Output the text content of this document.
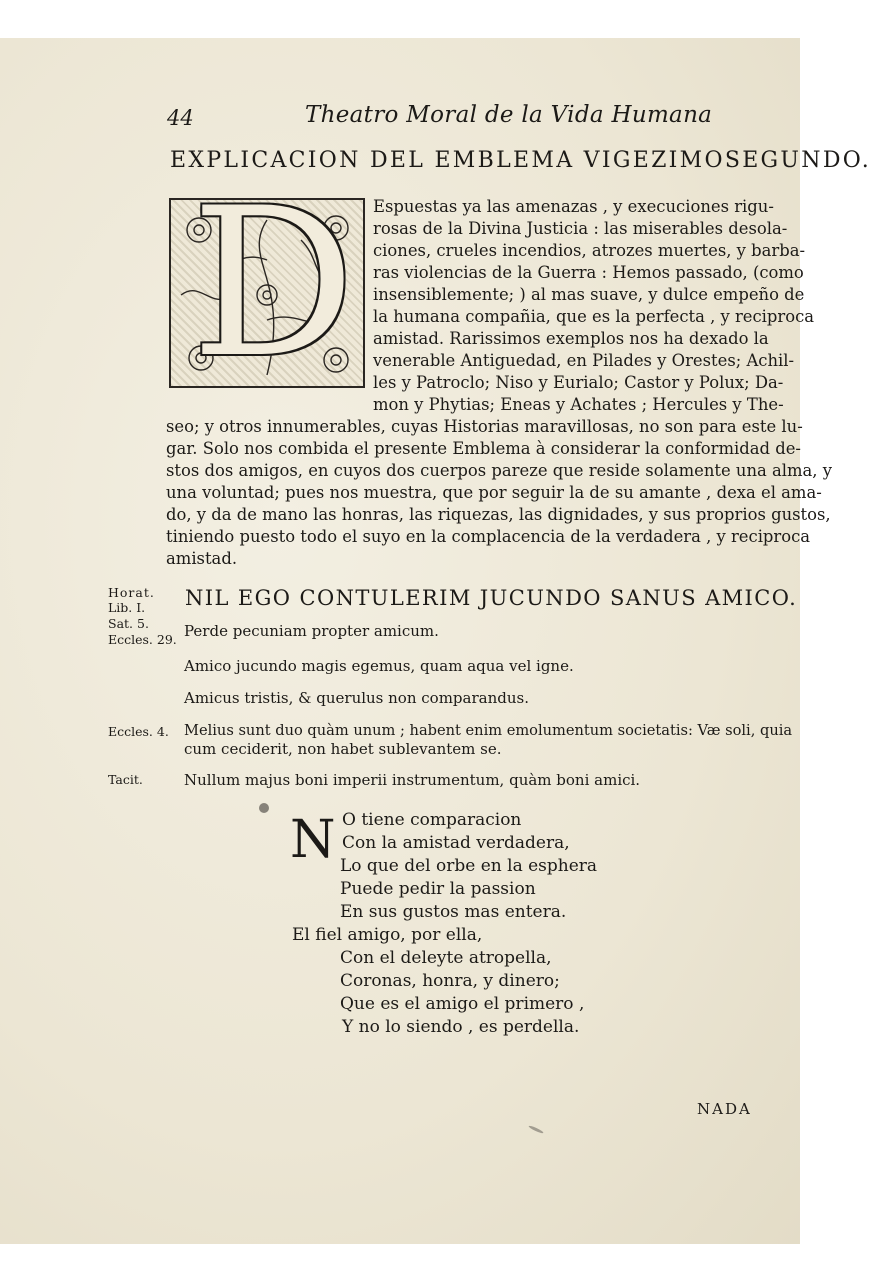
44	Theatro Moral de la Vida Humana
EXPLICACION DEL EMBLEMA VIGEZIMOSEGUNDO.
D Espuestas ya las amenazas , y execuciones rigu-
rosas de la Divina Justicia : las miserables desola-
ciones, crueles incendios, atrozes muertes, y barba-
ras violencias de la Guerra : Hemos passado, (como
insensiblemente; ) al mas suave, y dulce empeño de
la humana compañia, que es la perfecta , y reciproca
amistad. Rarissimos exemplos nos ha dexado la
venerable Antiguedad, en Pilades y Orestes; Achil-
les y Patroclo; Niso y Eurialo; Castor y Polux; Da-
mon y Phytias; Eneas y Achates ; Hercules y The-
seo; y otros innumerables, cuyas Historias maravillosas, no son para este lu-
gar. Solo nos combida el presente Emblema à considerar la conformidad de-
stos dos amigos, en cuyos dos cuerpos pareze que reside solamente una alma, y
una voluntad; pues nos muestra, que por seguir la de su amante , dexa el ama-
do, y da de mano las honras, las riquezas, las dignidades, y sus proprios gustos,
tiniendo puesto todo el suyo en la complacencia de la verdadera , y reciproca
amistad.
NIL EGO CONTULERIM JUCUNDO SANUS AMICO.
Horat.
Lib. I.
Sat. 5.
Eccles. 29.
Eccles. 4.
Tacit.
Perde pecuniam propter amicum.
Amico jucundo magis egemus, quam aqua vel igne.
Amicus tristis, & querulus non comparandus.
Melius sunt duo quàm unum ; habent enim emolumentum societatis: Væ soli, quia
cum ceciderit, non habet sublevantem se.
Nullum majus boni imperii instrumentum, quàm boni amici.
N O tiene comparacion
Con la amistad verdadera,
Lo que del orbe en la esphera
Puede pedir la passion
En sus gustos mas entera.
El fiel amigo, por ella,
Con el deleyte atropella,
Coronas, honra, y dinero;
Que es el amigo el primero ,
Y no lo siendo , es perdella.
NADA
